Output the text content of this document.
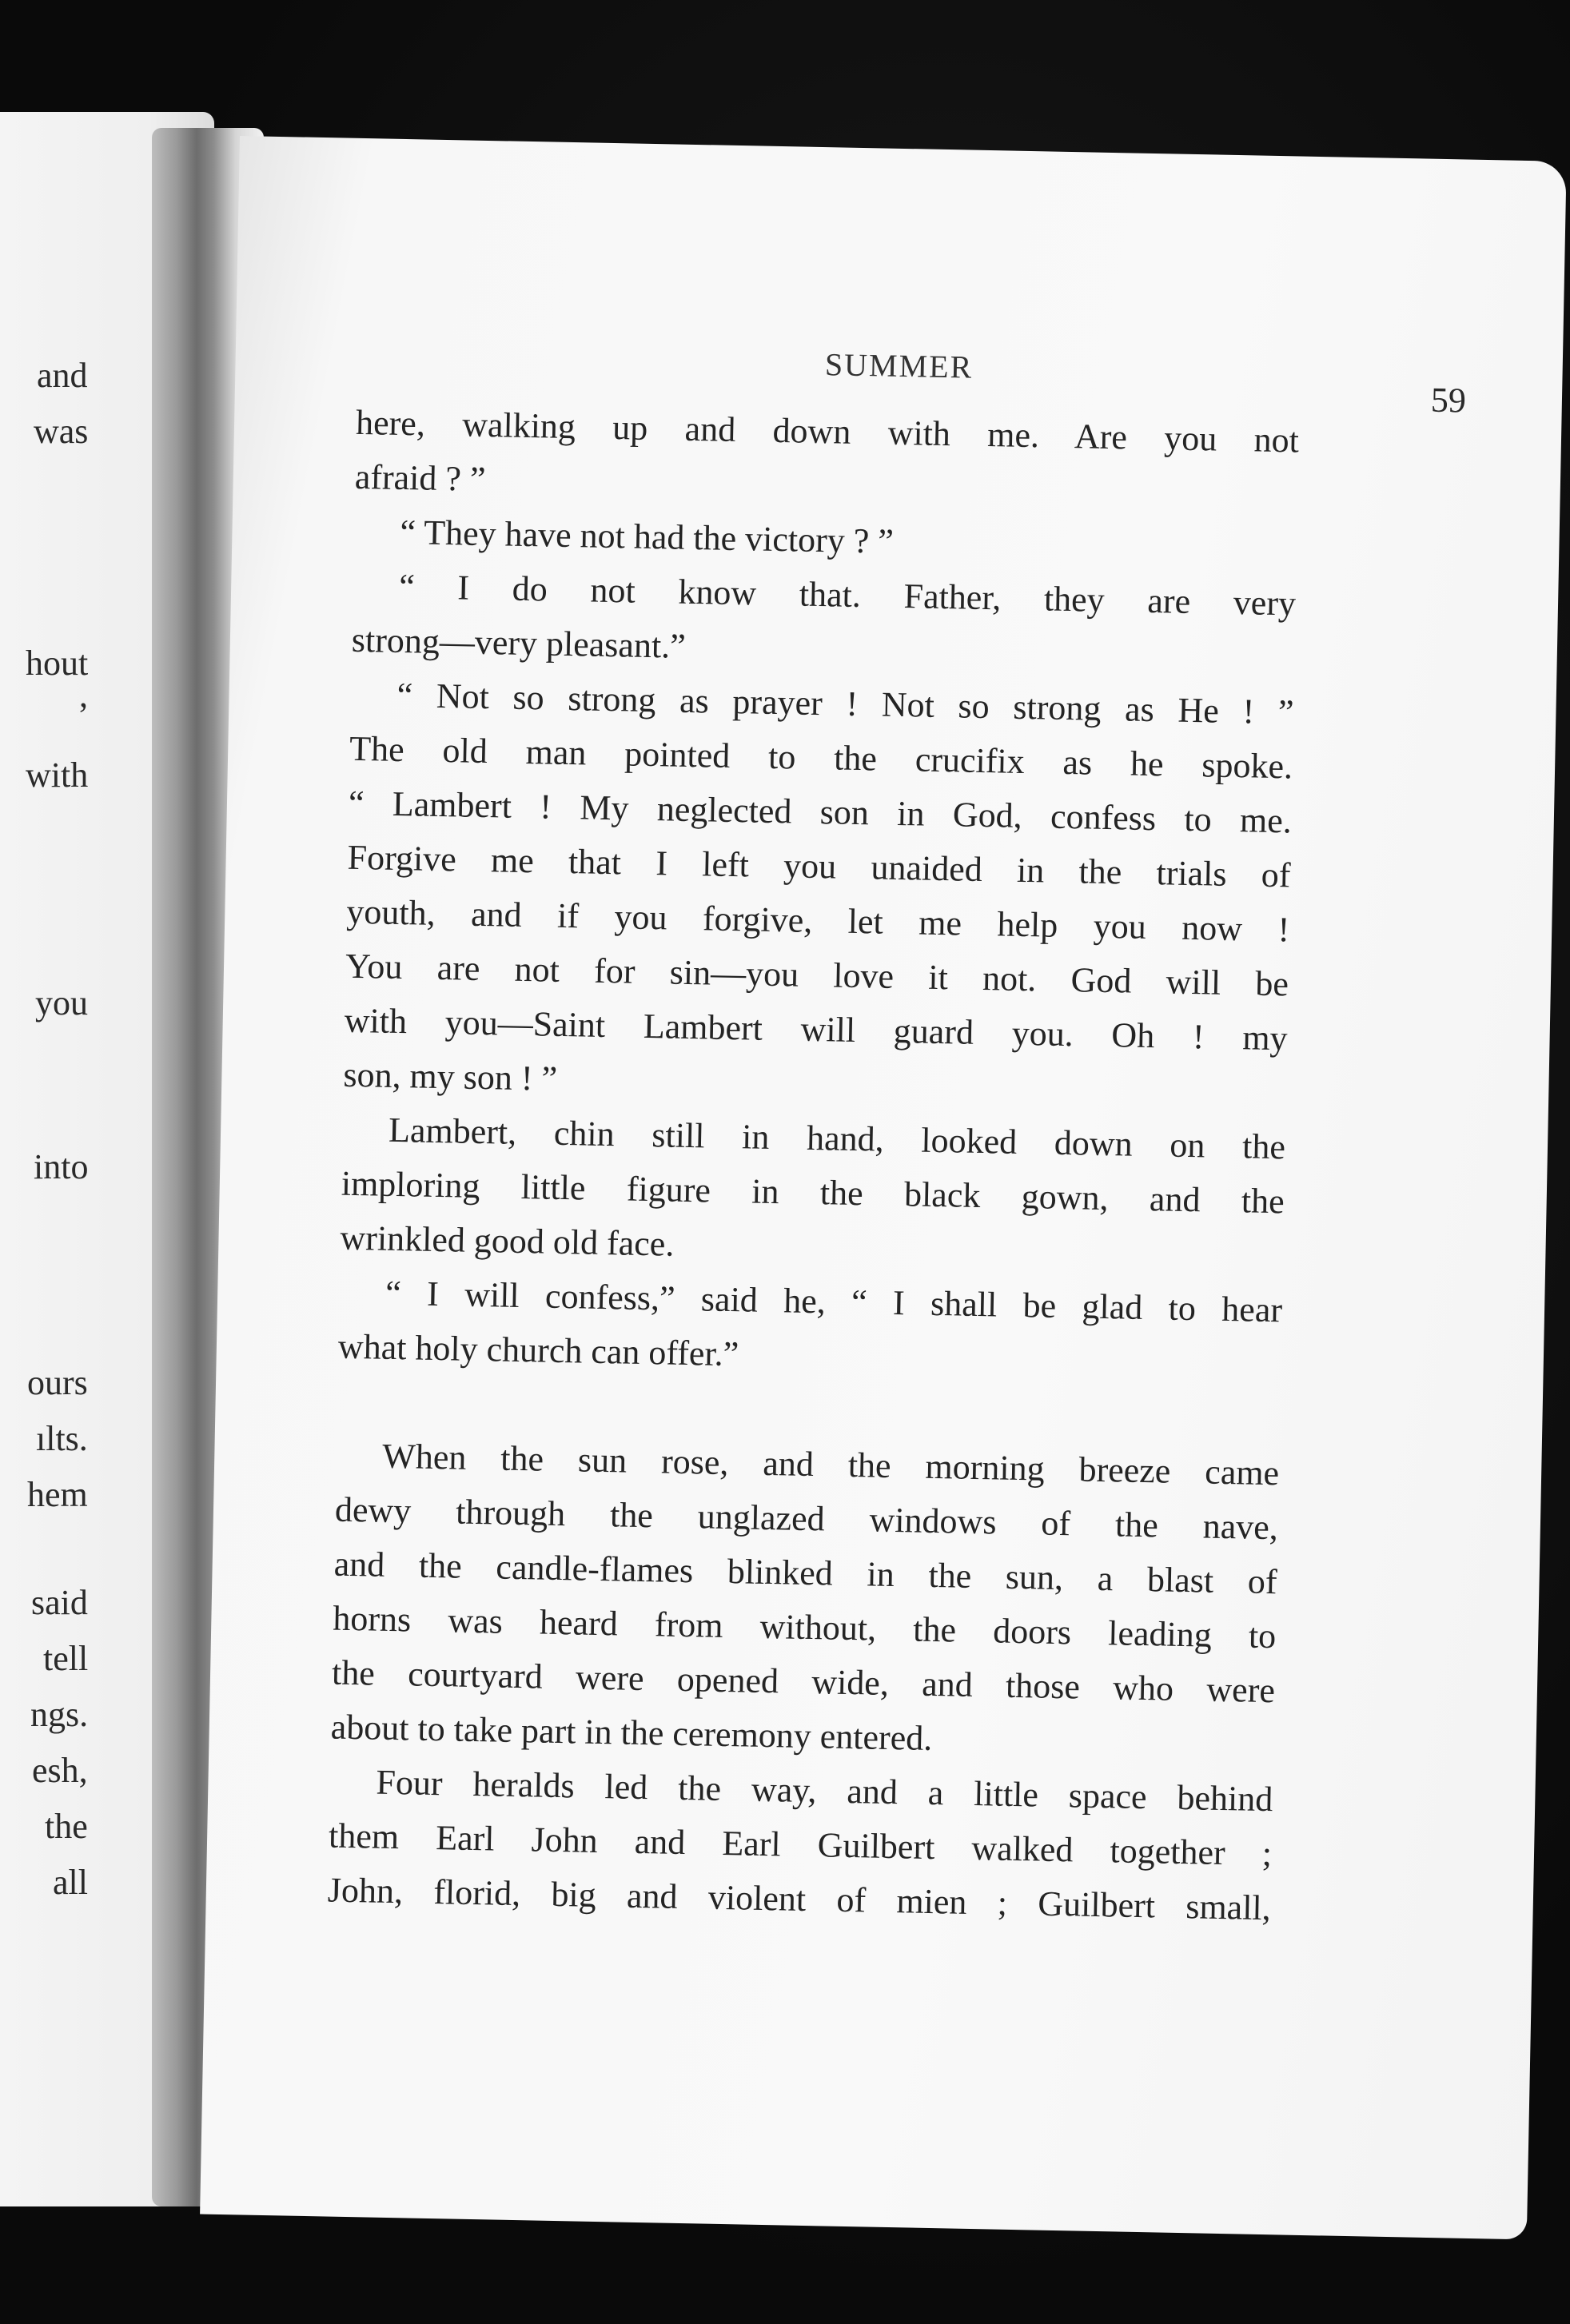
and
was
hout
,
with
you
into
ours
ılts.
hem
said
tell
ngs.
esh,
the
all
SUMMER
59
here, walking up and down with me. Are you not
afraid ? ”
“ They have not had the victory ? ”
“ I do not know that. Father, they are very
strong—very pleasant.”
“ Not so strong as prayer ! Not so strong as He ! ”
The old man pointed to the crucifix as he spoke.
“ Lambert ! My neglected son in God, confess to me.
Forgive me that I left you unaided in the trials of
youth, and if you forgive, let me help you now !
You are not for sin—you love it not. God will be
with you—Saint Lambert will guard you. Oh ! my
son, my son ! ”
Lambert, chin still in hand, looked down on the
imploring little figure in the black gown, and the
wrinkled good old face.
“ I will confess,” said he, “ I shall be glad to hear
what holy church can offer.”
When the sun rose, and the morning breeze came
dewy through the unglazed windows of the nave,
and the candle-flames blinked in the sun, a blast of
horns was heard from without, the doors leading to
the courtyard were opened wide, and those who were
about to take part in the ceremony entered.
Four heralds led the way, and a little space behind
them Earl John and Earl Guilbert walked together ;
John, florid, big and violent of mien ; Guilbert small,
